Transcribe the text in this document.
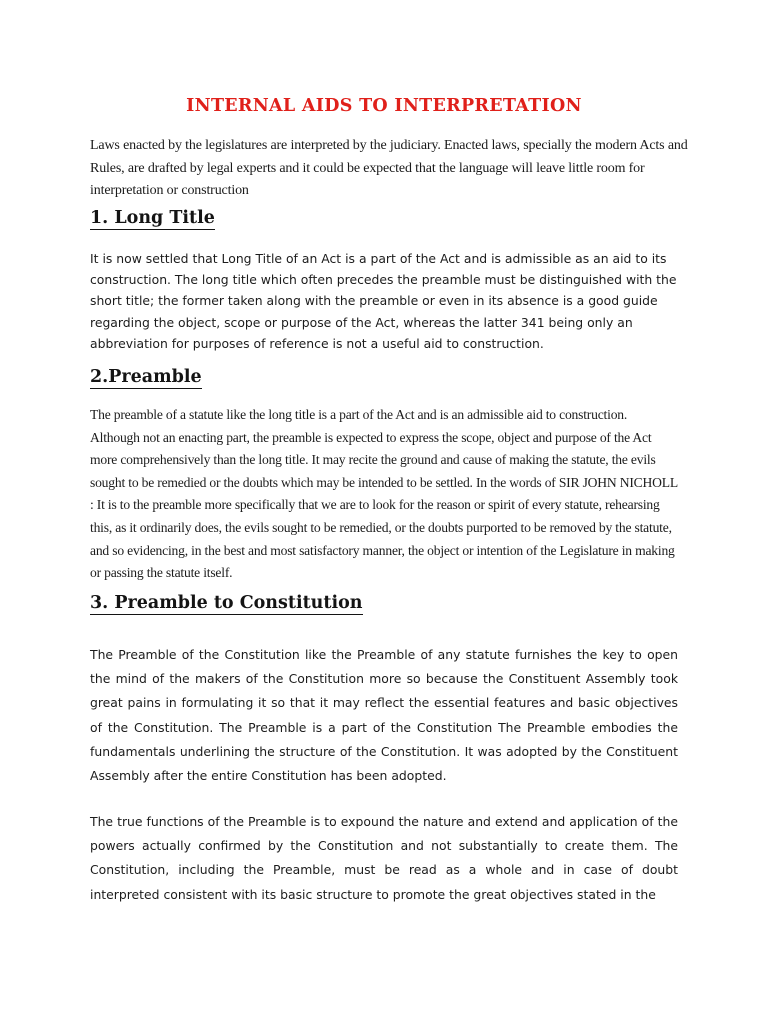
INTERNAL AIDS TO INTERPRETATION

Laws enacted by the legislatures are interpreted by the judiciary. Enacted laws, specially the modern Acts and Rules, are drafted by legal experts and it could be expected that the language will leave little room for interpretation or construction

1. Long Title

It is now settled that Long Title of an Act is a part of the Act and is admissible as an aid to its construction. The long title which often precedes the preamble must be distinguished with the short title; the former taken along with the preamble or even in its absence is a good guide regarding the object, scope or purpose of the Act, whereas the latter 341 being only an abbreviation for purposes of reference is not a useful aid to construction.

2.Preamble

The preamble of a statute like the long title is a part of the Act and is an admissible aid to construction. Although not an enacting part, the preamble is expected to express the scope, object and purpose of the Act more comprehensively than the long title. It may recite the ground and cause of making the statute, the evils sought to be remedied or the doubts which may be intended to be settled. In the words of SIR JOHN NICHOLL : It is to the preamble more specifically that we are to look for the reason or spirit of every statute, rehearsing this, as it ordinarily does, the evils sought to be remedied, or the doubts purported to be removed by the statute, and so evidencing, in the best and most satisfactory manner, the object or intention of the Legislature in making or passing the statute itself.

3. Preamble to Constitution

The Preamble of the Constitution like the Preamble of any statute furnishes the key to open the mind of the makers of the Constitution more so because the Constituent Assembly took great pains in formulating it so that it may reflect the essential features and basic objectives of the Constitution. The Preamble is a part of the Constitution The Preamble embodies the fundamentals underlining the structure of the Constitution. It was adopted by the Constituent Assembly after the entire Constitution has been adopted.

The true functions of the Preamble is to expound the nature and extend and application of the powers actually confirmed by the Constitution and not substantially to create them. The Constitution, including the Preamble, must be read as a whole and in case of doubt interpreted consistent with its basic structure to promote the great objectives stated in the
